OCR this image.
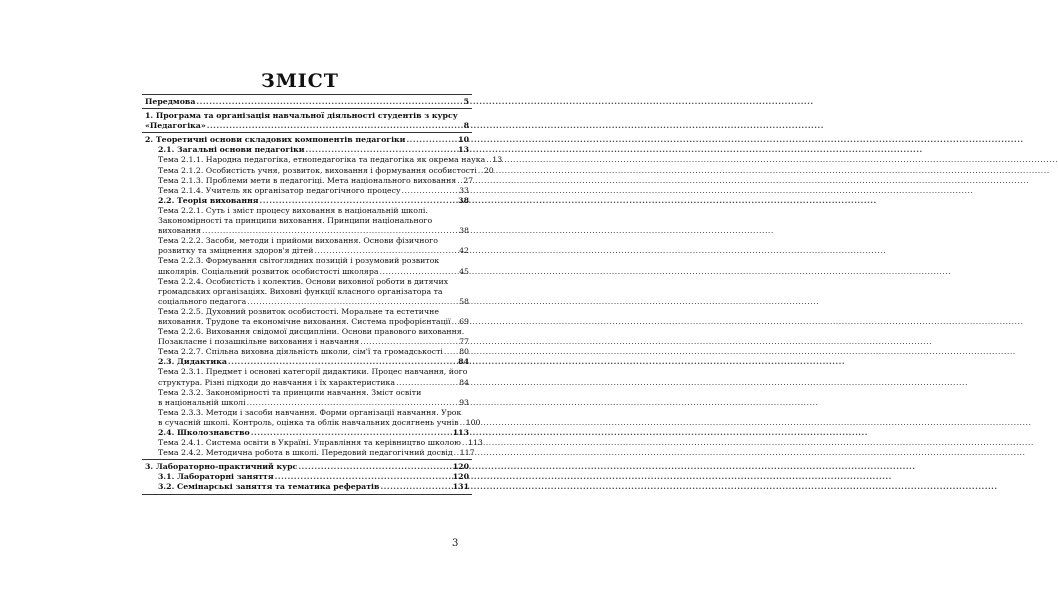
ЗМІСТ
Передмова .....	5
1. Програма та організація навчальної діяльності студентів з курсу
«Педагогіка» .....	8
2. Теоретичні основи складових компонентів педагогіки .....	10
2.1. Загальні основи педагогіки .....	13
Тема 2.1.1. Народна педагогіка, етнопедагогіка та педагогіка як окрема наука ..... 13
Тема 2.1.2. Особистість учня, розвиток, виховання і формування особистості ..... 20
Тема 2.1.3. Проблеми мети в педагогіці. Мета національного виховання ..... 27
Тема 2.1.4. Учитель як організатор педагогічного процесу .....	33
2.2. Теорія виховання .....	38
Тема 2.2.1. Суть і зміст процесу виховання в національній школі.
Закономірності та принципи виховання. Принципи національного
виховання .....	38
Тема 2.2.2. Засоби, методи і прийоми виховання. Основи фізичного
розвитку та зміцнення здоров'я дітей .....	42
Тема 2.2.3. Формування світоглядних позицій і розумовий розвиток
школярів. Соціальний розвиток особистості школяра .....	45
Тема 2.2.4. Особистість і колектив. Основи виховної роботи в дитячих
громадських організаціях. Виховні функції класного організатора та
соціального педагога .....	58
Тема 2.2.5. Духовний розвиток особистості. Моральне та естетичне
виховання. Трудове та економічне виховання. Система профорієнтації ..... 69
Тема 2.2.6. Виховання свідомої дисципліни. Основи правового виховання.
Позакласне і позашкільне виховання і навчання .....	77
Тема 2.2.7. Спільна виховна діяльність школи, сім'ї та громадськості ..... 80
2.3. Дидактика .....	84
Тема 2.3.1. Предмет і основні категорії дидактики. Процес навчання, його
структура. Різні підходи до навчання і їх характеристика .....	84
Тема 2.3.2. Закономірності та принципи навчання. Зміст освіти
в національній школі .....	93
Тема 2.3.3. Методи і засоби навчання. Форми організації навчання. Урок
в сучасній школі. Контроль, оцінка та облік навчальних досягнень учнів ..... 100
2.4. Школознавство .....	113
Тема 2.4.1. Система освіти в Україні. Управління та керівництво школою ..... 113
Тема 2.4.2. Методична робота в школі. Передовий педагогічний досвід ..... 117
3. Лабораторно-практичний курс .....	120
3.1. Лабораторні заняття .....	120
3.2. Семінарські заняття та тематика рефератів .....	131
3
